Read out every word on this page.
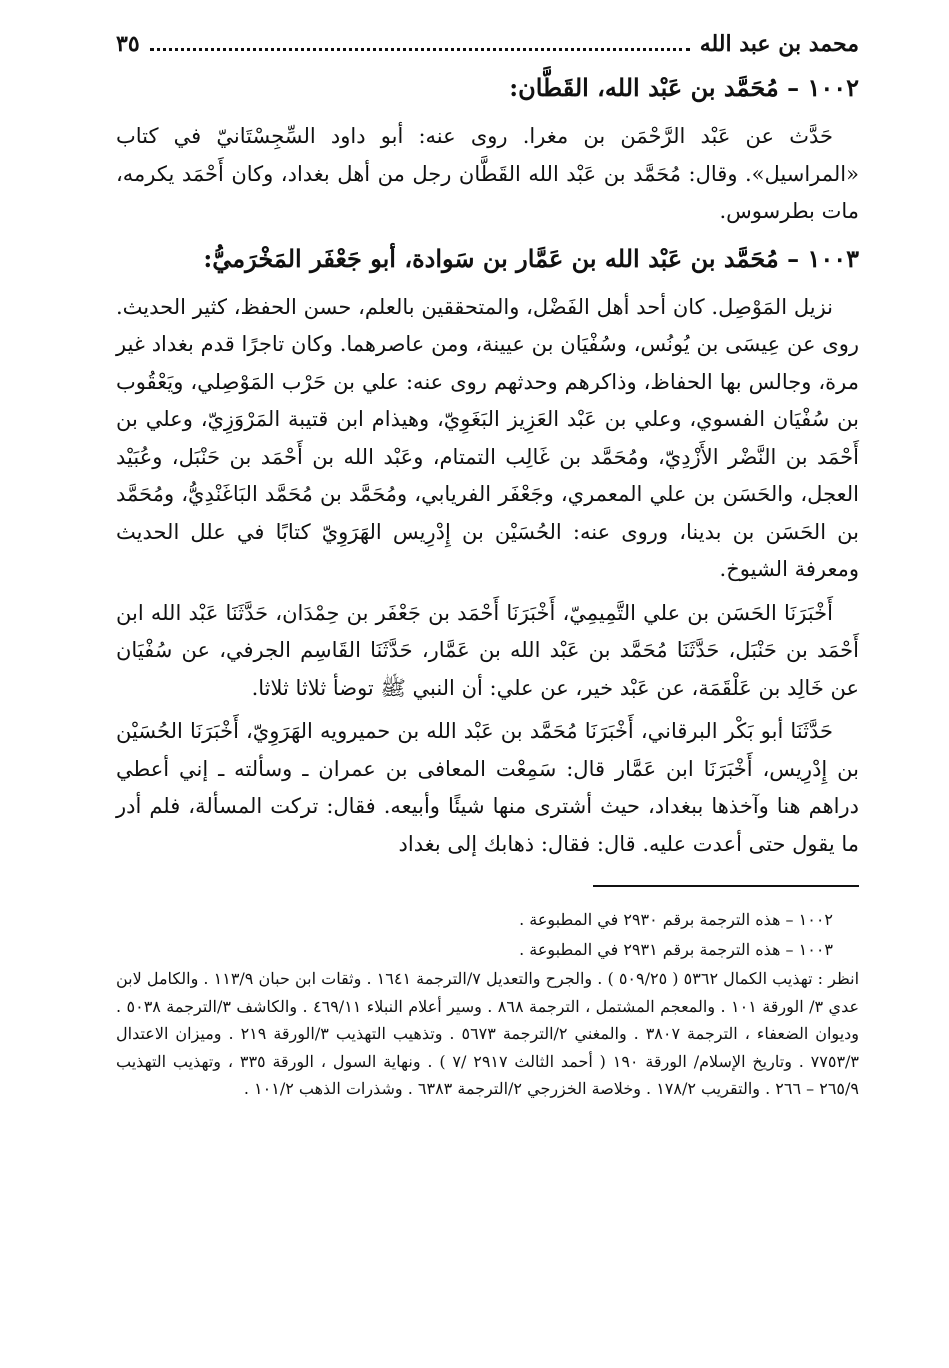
محمد بن عبد الله
٣٥
١٠٠٢ – مُحَمَّد بن عَبْد الله، القَطَّان:

حَدَّث عن عَبْد الرَّحْمَن بن مغرا. روى عنه: أبو داود السِّجِسْتَانيّ في كتاب «المراسيل». وقال: مُحَمَّد بن عَبْد الله القَطَّان رجل من أهل بغداد، وكان أَحْمَد يكرمه، مات بطرسوس.

١٠٠٣ – مُحَمَّد بن عَبْد الله بن عَمَّار بن سَوادة، أبو جَعْفَر المَخْرَميُّ:

نزيل المَوْصِل. كان أحد أهل الفَضْل، والمتحققين بالعلم، حسن الحفظ، كثير الحديث. روى عن عِيسَى بن يُونُس، وسُفْيَان بن عيينة، ومن عاصرهما. وكان تاجرًا قدم بغداد غير مرة، وجالس بها الحفاظ، وذاكرهم وحدثهم روى عنه: علي بن حَرْب المَوْصِلي، ويَعْقُوب بن سُفْيَان الفسوي، وعلي بن عَبْد العَزِيز البَغَوِيّ، وهيذام ابن قتيبة المَرْوَزِيّ، وعلي بن أَحْمَد بن النَّضْر الأَزْدِيّ، ومُحَمَّد بن غَالِب التمتام، وعَبْد الله بن أَحْمَد بن حَنْبَل، وعُبَيْد العجل، والحَسَن بن علي المعمري، وجَعْفَر الفريابي، ومُحَمَّد بن مُحَمَّد البَاغَنْدِيُّ، ومُحَمَّد بن الحَسَن بن بدينا، وروى عنه: الحُسَيْن بن إِدْرِيس الهَرَوِيّ كتابًا في علل الحديث ومعرفة الشيوخ.

أَخْبَرَنَا الحَسَن بن علي التَّمِيمِيّ، أَخْبَرَنَا أَحْمَد بن جَعْفَر بن حِمْدَان، حَدَّثَنَا عَبْد الله ابن أَحْمَد بن حَنْبَل، حَدَّثَنَا مُحَمَّد بن عَبْد الله بن عَمَّار، حَدَّثَنَا القَاسِم الجرفي، عن سُفْيَان عن خَالِد بن عَلْقَمَة، عن عَبْد خير، عن علي: أن النبي ﷺ توضأ ثلاثا ثلاثا.

حَدَّثَنَا أبو بَكْر البرقاني، أَخْبَرَنَا مُحَمَّد بن عَبْد الله بن حميرويه الهَرَوِيّ، أَخْبَرَنَا الحُسَيْن بن إِدْرِيس، أَخْبَرَنَا ابن عَمَّار قال: سَمِعْت المعافى بن عمران ـ وسألته ـ إني أعطي دراهم هنا وآخذها ببغداد، حيث أشترى منها شيئًا وأبيعه. فقال: تركت المسألة، فلم أدر ما يقول حتى أعدت عليه. قال: فقال: ذهابك إلى بغداد

١٠٠٢ – هذه الترجمة برقم ٢٩٣٠ في المطبوعة .

١٠٠٣ – هذه الترجمة برقم ٢٩٣١ في المطبوعة .

انظر : تهذيب الكمال ٥٣٦٢ ( ٥٠٩/٢٥ ) . والجرح والتعديل ٧/الترجمة ١٦٤١ . وثقات ابن حبان ١١٣/٩ . والكامل لابن عدي ٣/ الورقة ١٠١ . والمعجم المشتمل ، الترجمة ٨٦٨ . وسير أعلام النبلاء ٤٦٩/١١ . والكاشف ٣/الترجمة ٥٠٣٨ . وديوان الضعفاء ، الترجمة ٣٨٠٧ . والمغني ٢/الترجمة ٥٦٧٣ . وتذهيب التهذيب ٣/الورقة ٢١٩ . وميزان الاعتدال ٧٧٥٣/٣ . وتاريخ الإسلام/ الورقة ١٩٠ ( أحمد الثالث ٢٩١٧ /٧ ) . ونهاية السول ، الورقة ٣٣٥ ، وتهذيب التهذيب ٢٦٥/٩ – ٢٦٦ . والتقريب ١٧٨/٢ . وخلاصة الخزرجي ٢/الترجمة ٦٣٨٣ . وشذرات الذهب ١٠١/٢ .
